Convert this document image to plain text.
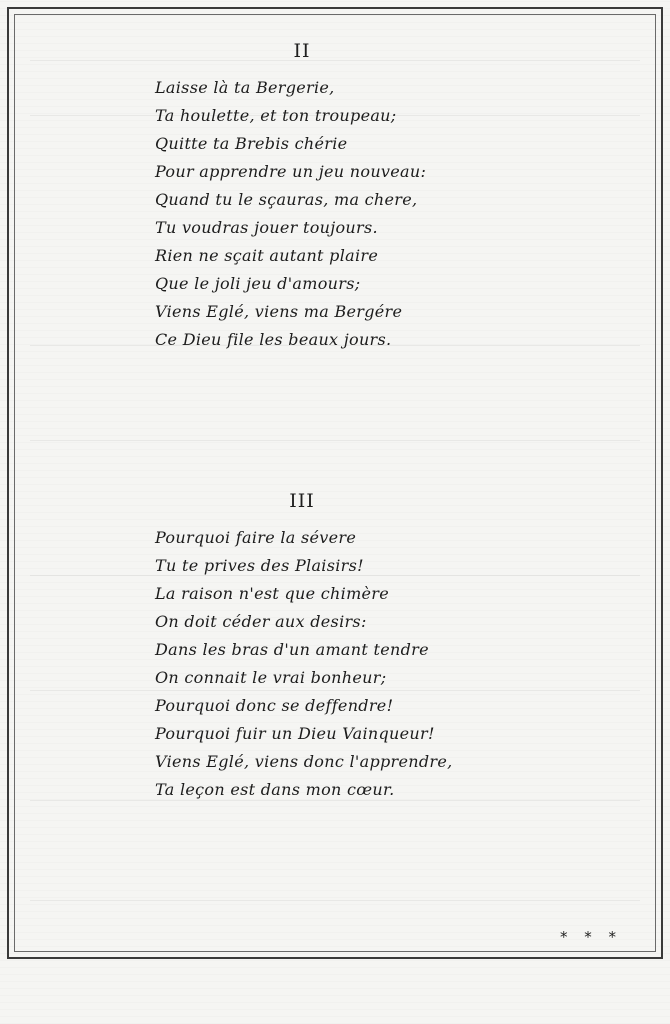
II
Laisse là ta Bergerie,
Ta houlette, et ton troupeau;
Quitte ta Brebis chérie
Pour apprendre un jeu nouveau:
Quand tu le sçauras, ma chere,
Tu voudras jouer toujours.
Rien ne sçait autant plaire
Que le joli jeu d'amours;
Viens Eglé, viens ma Bergére
Ce Dieu file les beaux jours.
III
Pourquoi faire la sévere
Tu te prives des Plaisirs!
La raison n'est que chimère
On doit céder aux desirs:
Dans les bras d'un amant tendre
On connait le vrai bonheur;
Pourquoi donc se deffendre!
Pourquoi fuir un Dieu Vainqueur!
Viens Eglé, viens donc l'apprendre,
Ta leçon est dans mon cœur.
* * *
